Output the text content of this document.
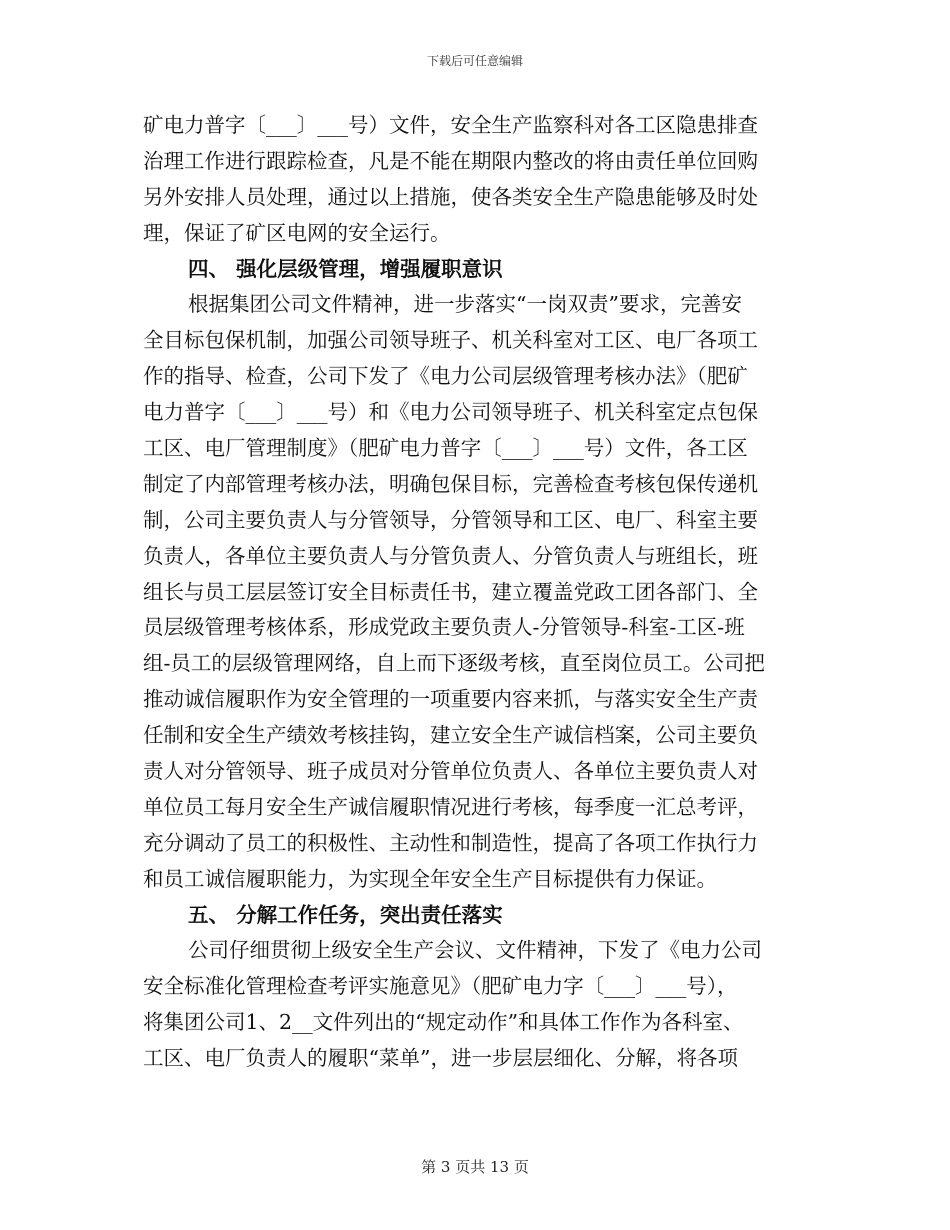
下载后可任意编辑
矿电力普字〔___〕___号）文件，安全生产监察科对各工区隐患排查
治理工作进行跟踪检查，凡是不能在期限内整改的将由责任单位回购
另外安排人员处理，通过以上措施，使各类安全生产隐患能够及时处
理，保证了矿区电网的安全运行。
四、 强化层级管理，增强履职意识
根据集团公司文件精神，进一步落实“一岗双责”要求，完善安
全目标包保机制，加强公司领导班子、机关科室对工区、电厂各项工
作的指导、检查，公司下发了《电力公司层级管理考核办法》（肥矿
电力普字〔___〕___号）和《电力公司领导班子、机关科室定点包保
工区、电厂管理制度》（肥矿电力普字〔___〕___号）文件，各工区
制定了内部管理考核办法，明确包保目标，完善检查考核包保传递机
制，公司主要负责人与分管领导，分管领导和工区、电厂、科室主要
负责人，各单位主要负责人与分管负责人、分管负责人与班组长，班
组长与员工层层签订安全目标责任书，建立覆盖党政工团各部门、全
员层级管理考核体系，形成党政主要负责人-分管领导-科室-工区-班
组-员工的层级管理网络，自上而下逐级考核，直至岗位员工。公司把
推动诚信履职作为安全管理的一项重要内容来抓，与落实安全生产责
任制和安全生产绩效考核挂钩，建立安全生产诚信档案，公司主要负
责人对分管领导、班子成员对分管单位负责人、各单位主要负责人对
单位员工每月安全生产诚信履职情况进行考核，每季度一汇总考评，
充分调动了员工的积极性、主动性和制造性，提高了各项工作执行力
和员工诚信履职能力，为实现全年安全生产目标提供有力保证。
五、 分解工作任务，突出责任落实
公司仔细贯彻上级安全生产会议、文件精神，下发了《电力公司
安全标准化管理检查考评实施意见》（肥矿电力字〔___〕___号），
将集团公司1、2__文件列出的“规定动作”和具体工作作为各科室、
工区、电厂负责人的履职“菜单”，进一步层层细化、分解，将各项
第 3 页共 13 页
